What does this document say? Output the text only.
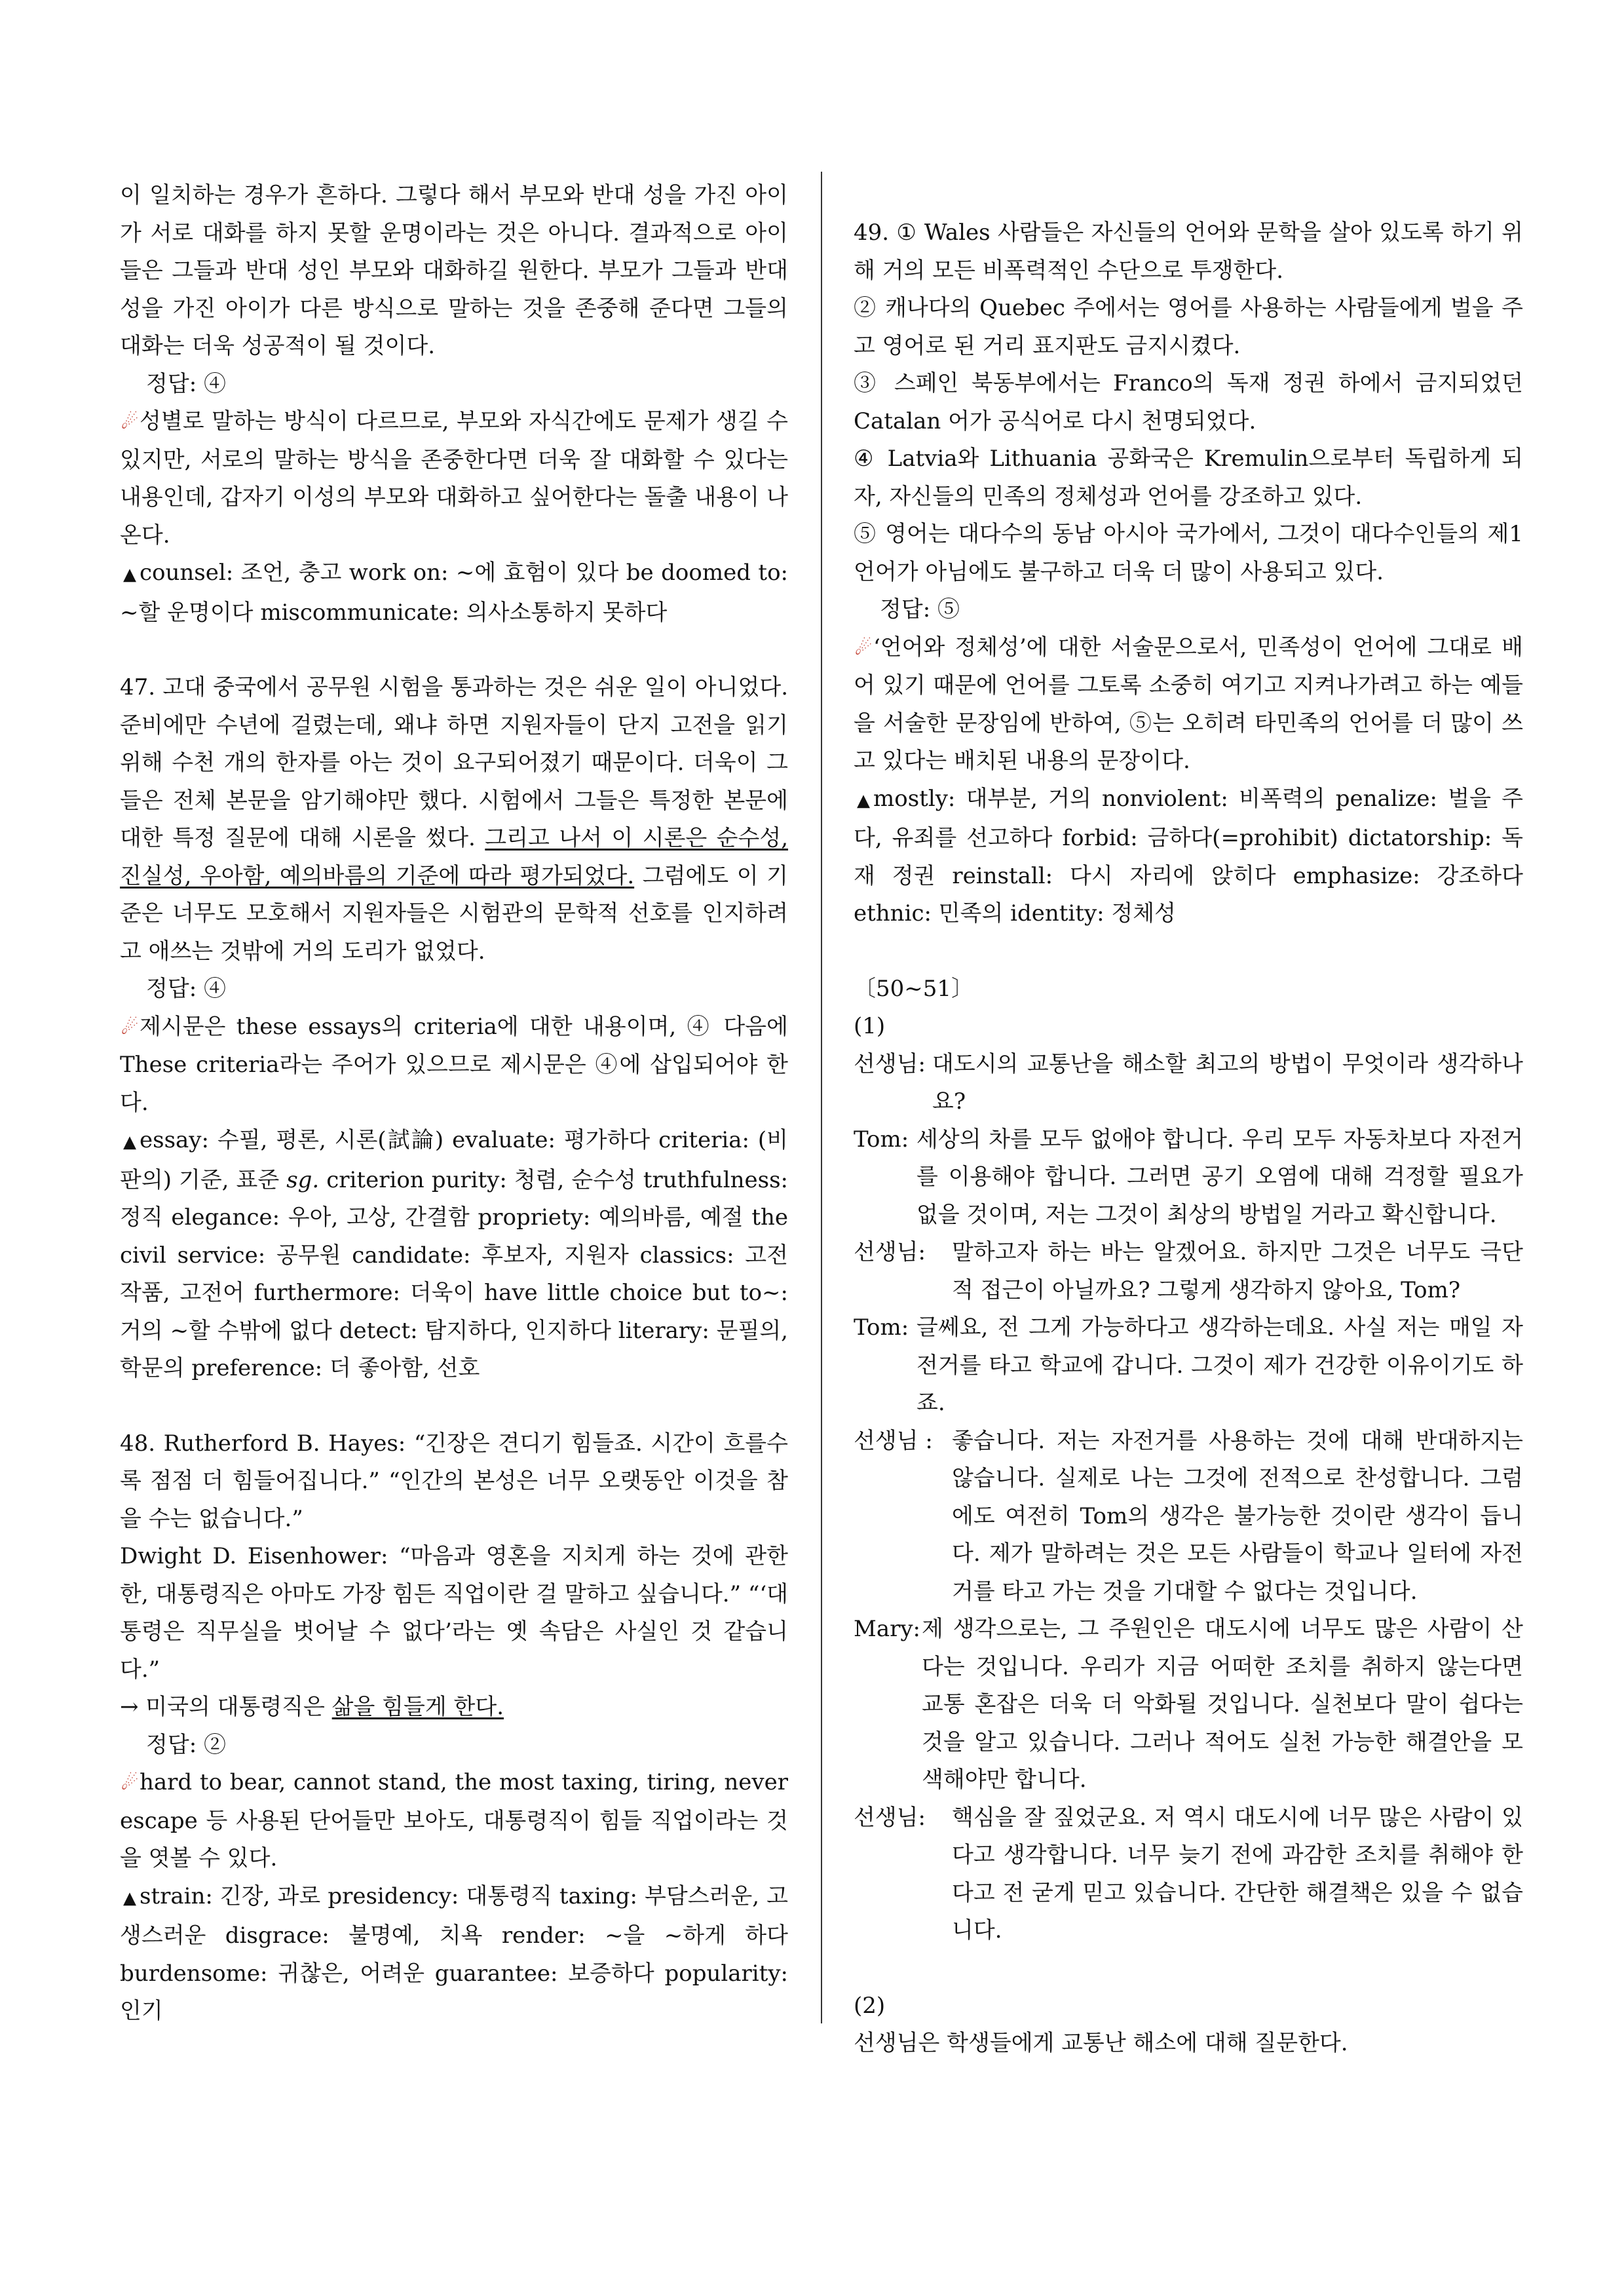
이 일치하는 경우가 흔하다. 그렇다 해서 부모와 반대 성을 가진 아이가 서로 대화를 하지 못할 운명이라는 것은 아니다. 결과적으로 아이들은 그들과 반대 성인 부모와 대화하길 원한다. 부모가 그들과 반대 성을 가진 아이가 다른 방식으로 말하는 것을 존중해 준다면 그들의 대화는 더욱 성공적이 될 것이다.

정답: ④

☄성별로 말하는 방식이 다르므로, 부모와 자식간에도 문제가 생길 수 있지만, 서로의 말하는 방식을 존중한다면 더욱 잘 대화할 수 있다는 내용인데, 갑자기 이성의 부모와 대화하고 싶어한다는 돌출 내용이 나온다.

▲ counsel: 조언, 충고 work on: ~에 효험이 있다 be doomed to: ~할 운명이다 miscommunicate: 의사소통하지 못하다

47. 고대 중국에서 공무원 시험을 통과하는 것은 쉬운 일이 아니었다. 준비에만 수년에 걸렸는데, 왜냐 하면 지원자들이 단지 고전을 읽기 위해 수천 개의 한자를 아는 것이 요구되어졌기 때문이다. 더욱이 그들은 전체 본문을 암기해야만 했다. 시험에서 그들은 특정한 본문에 대한 특정 질문에 대해 시론을 썼다. 그리고 나서 이 시론은 순수성, 진실성, 우아함, 예의바름의 기준에 따라 평가되었다. 그럼에도 이 기준은 너무도 모호해서 지원자들은 시험관의 문학적 선호를 인지하려고 애쓰는 것밖에 거의 도리가 없었다.

정답: ④

☄제시문은 these essays의 criteria에 대한 내용이며, ④ 다음에 These criteria라는 주어가 있으므로 제시문은 ④에 삽입되어야 한다.

▲ essay: 수필, 평론, 시론(試論) evaluate: 평가하다 criteria: (비판의) 기준, 표준 sg. criterion purity: 청렴, 순수성 truthfulness: 정직 elegance: 우아, 고상, 간결함 propriety: 예의바름, 예절 the civil service: 공무원 candidate: 후보자, 지원자 classics: 고전 작품, 고전어 furthermore: 더욱이 have little choice but to~: 거의 ~할 수밖에 없다 detect: 탐지하다, 인지하다 literary: 문필의, 학문의 preference: 더 좋아함, 선호

48. Rutherford B. Hayes: “긴장은 견디기 힘들죠. 시간이 흐를수록 점점 더 힘들어집니다.” “인간의 본성은 너무 오랫동안 이것을 참을 수는 없습니다.”

Dwight D. Eisenhower: “마음과 영혼을 지치게 하는 것에 관한 한, 대통령직은 아마도 가장 힘든 직업이란 걸 말하고 싶습니다.” “‘대통령은 직무실을 벗어날 수 없다’라는 옛 속담은 사실인 것 같습니다.”

→ 미국의 대통령직은 삶을 힘들게 한다.

정답: ②

☄hard to bear, cannot stand, the most taxing, tiring, never escape 등 사용된 단어들만 보아도, 대통령직이 힘들 직업이라는 것을 엿볼 수 있다.

▲ strain: 긴장, 과로 presidency: 대통령직 taxing: 부담스러운, 고생스러운 disgrace: 불명예, 치욕 render: ~을 ~하게 하다 burdensome: 귀찮은, 어려운 guarantee: 보증하다 popularity: 인기

49. ① Wales 사람들은 자신들의 언어와 문학을 살아 있도록 하기 위해 거의 모든 비폭력적인 수단으로 투쟁한다.

② 캐나다의 Quebec 주에서는 영어를 사용하는 사람들에게 벌을 주고 영어로 된 거리 표지판도 금지시켰다.

③ 스페인 북동부에서는 Franco의 독재 정권 하에서 금지되었던 Catalan 어가 공식어로 다시 천명되었다.

④ Latvia와 Lithuania 공화국은 Kremulin으로부터 독립하게 되자, 자신들의 민족의 정체성과 언어를 강조하고 있다.

⑤ 영어는 대다수의 동남 아시아 국가에서, 그것이 대다수인들의 제1 언어가 아님에도 불구하고 더욱 더 많이 사용되고 있다.

정답: ⑤

☄‘언어와 정체성’에 대한 서술문으로서, 민족성이 언어에 그대로 배어 있기 때문에 언어를 그토록 소중히 여기고 지켜나가려고 하는 예들을 서술한 문장임에 반하여, ⑤는 오히려 타민족의 언어를 더 많이 쓰고 있다는 배치된 내용의 문장이다.

▲ mostly: 대부분, 거의 nonviolent: 비폭력의 penalize: 벌을 주다, 유죄를 선고하다 forbid: 금하다(=prohibit) dictatorship: 독재 정권 reinstall: 다시 자리에 앉히다 emphasize: 강조하다 ethnic: 민족의 identity: 정체성

〔50~51〕

(1)

선생님: 대도시의 교통난을 해소할 최고의 방법이 무엇이라 생각하나요?
Tom: 세상의 차를 모두 없애야 합니다. 우리 모두 자동차보다 자전거를 이용해야 합니다. 그러면 공기 오염에 대해 걱정할 필요가 없을 것이며, 저는 그것이 최상의 방법일 거라고 확신합니다.
선생님:	말하고자 하는 바는 알겠어요. 하지만 그것은 너무도 극단적 접근이 아닐까요? 그렇게 생각하지 않아요, Tom?
Tom: 글쎄요, 전 그게 가능하다고 생각하는데요. 사실 저는 매일 자전거를 타고 학교에 갑니다. 그것이 제가 건강한 이유이기도 하죠.
선생님 : 좋습니다. 저는 자전거를 사용하는 것에 대해 반대하지는 않습니다. 실제로 나는 그것에 전적으로 찬성합니다. 그럼에도 여전히 Tom의 생각은 불가능한 것이란 생각이 듭니다. 제가 말하려는 것은 모든 사람들이 학교나 일터에 자전거를 타고 가는 것을 기대할 수 없다는 것입니다.
Mary: 제 생각으로는, 그 주원인은 대도시에 너무도 많은 사람이 산다는 것입니다. 우리가 지금 어떠한 조치를 취하지 않는다면 교통 혼잡은 더욱 더 악화될 것입니다. 실천보다 말이 쉽다는 것을 알고 있습니다. 그러나 적어도 실천 가능한 해결안을 모색해야만 합니다.
선생님:	핵심을 잘 짚었군요. 저 역시 대도시에 너무 많은 사람이 있다고 생각합니다. 너무 늦기 전에 과감한 조치를 취해야 한다고 전 굳게 믿고 있습니다. 간단한 해결책은 있을 수 없습니다.

(2)

선생님은 학생들에게 교통난 해소에 대해 질문한다.
